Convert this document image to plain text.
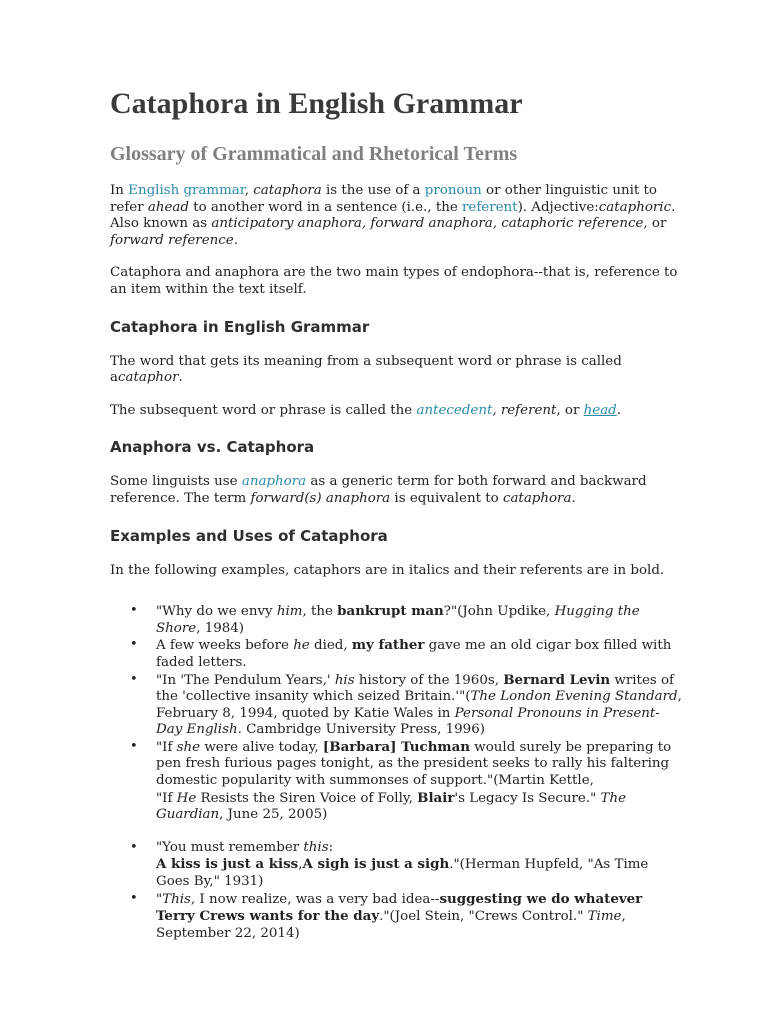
Cataphora in English Grammar
Glossary of Grammatical and Rhetorical Terms

In English grammar, cataphora is the use of a pronoun or other linguistic unit to refer ahead to another word in a sentence (i.e., the referent). Adjective:cataphoric. Also known as anticipatory anaphora, forward anaphora, cataphoric reference, or forward reference.

Cataphora and anaphora are the two main types of endophora--that is, reference to an item within the text itself.

Cataphora in English Grammar

The word that gets its meaning from a subsequent word or phrase is called acataphor.

The subsequent word or phrase is called the antecedent, referent, or head.

Anaphora vs. Cataphora

Some linguists use anaphora as a generic term for both forward and backward reference. The term forward(s) anaphora is equivalent to cataphora.

Examples and Uses of Cataphora

In the following examples, cataphors are in italics and their referents are in bold.

• "Why do we envy him, the bankrupt man?"(John Updike, Hugging the Shore, 1984)
• A few weeks before he died, my father gave me an old cigar box filled with faded letters.
• "In 'The Pendulum Years,' his history of the 1960s, Bernard Levin writes of the 'collective insanity which seized Britain.'"(The London Evening Standard, February 8, 1994, quoted by Katie Wales in Personal Pronouns in Present-Day English. Cambridge University Press, 1996)
• "If she were alive today, [Barbara] Tuchman would surely be preparing to pen fresh furious pages tonight, as the president seeks to rally his faltering domestic popularity with summonses of support."(Martin Kettle,
"If He Resists the Siren Voice of Folly, Blair's Legacy Is Secure." The Guardian, June 25, 2005)
• "You must remember this:
A kiss is just a kiss,A sigh is just a sigh."(Herman Hupfeld, "As Time Goes By," 1931)
• "This, I now realize, was a very bad idea--suggesting we do whatever Terry Crews wants for the day."(Joel Stein, "Crews Control." Time, September 22, 2014)
